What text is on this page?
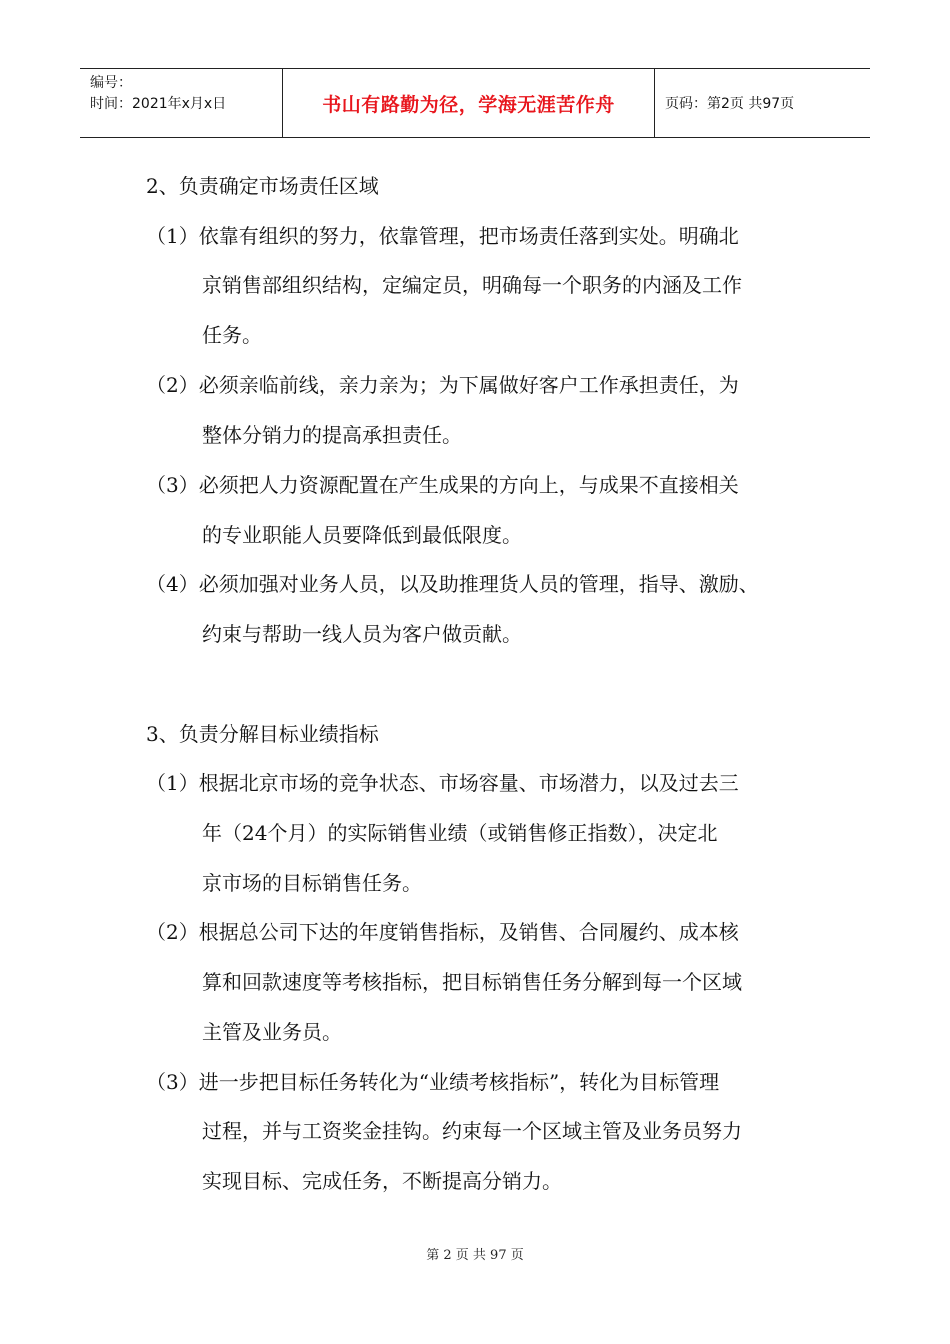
编号：
时间：2021年x月x日	书山有路勤为径，学海无涯苦作舟	页码：第2页 共97页
2、负责确定市场责任区域
（1）依靠有组织的努力，依靠管理，把市场责任落到实处。明确北
京销售部组织结构，定编定员，明确每一个职务的内涵及工作
任务。
（2）必须亲临前线，亲力亲为；为下属做好客户工作承担责任，为
整体分销力的提高承担责任。
（3）必须把人力资源配置在产生成果的方向上，与成果不直接相关
的专业职能人员要降低到最低限度。
（4）必须加强对业务人员，以及助推理货人员的管理，指导、激励、
约束与帮助一线人员为客户做贡献。
3、负责分解目标业绩指标
（1）根据北京市场的竞争状态、市场容量、市场潜力，以及过去三
年（24个月）的实际销售业绩（或销售修正指数），决定北
京市场的目标销售任务。
（2）根据总公司下达的年度销售指标，及销售、合同履约、成本核
算和回款速度等考核指标，把目标销售任务分解到每一个区域
主管及业务员。
（3）进一步把目标任务转化为“业绩考核指标”，转化为目标管理
过程，并与工资奖金挂钩。约束每一个区域主管及业务员努力
实现目标、完成任务，不断提高分销力。
第 2 页 共 97 页
